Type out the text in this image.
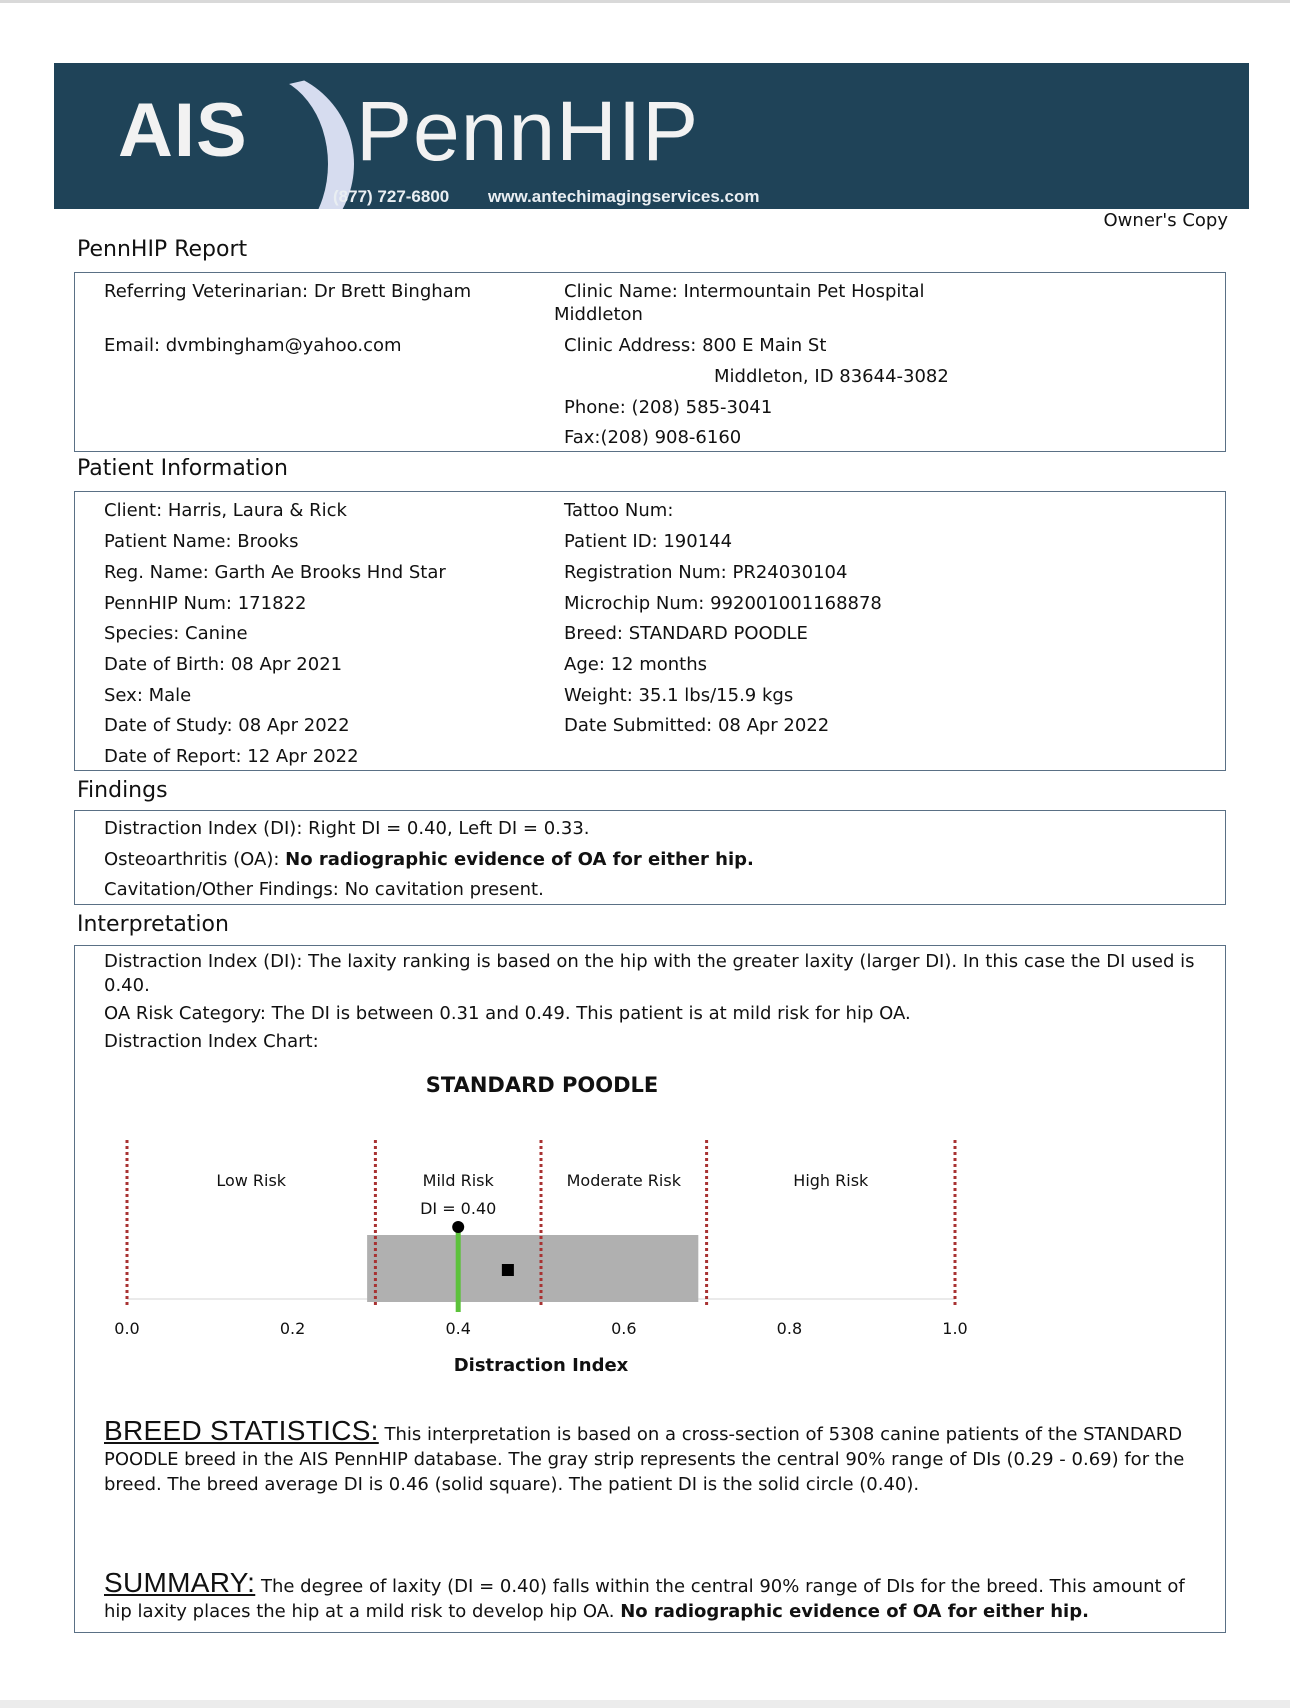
AIS PennHIP
(877) 727-6800 www.antechimagingservices.com
Owner's Copy
PennHIP Report
Referring Veterinarian: Dr Brett Bingham
Email: dvmbingham@yahoo.com
Clinic Name: Intermountain Pet Hospital
Middleton
Clinic Address: 800 E Main St
Middleton, ID 83644-3082
Phone: (208) 585-3041
Fax:(208) 908-6160
Patient Information
Client: Harris, Laura & Rick
Patient Name: Brooks
Reg. Name: Garth Ae Brooks Hnd Star
PennHIP Num: 171822
Species: Canine
Date of Birth: 08 Apr 2021
Sex: Male
Date of Study: 08 Apr 2022
Date of Report: 12 Apr 2022
Tattoo Num:
Patient ID: 190144
Registration Num: PR24030104
Microchip Num: 992001001168878
Breed: STANDARD POODLE
Age: 12 months
Weight: 35.1 lbs/15.9 kgs
Date Submitted: 08 Apr 2022
Findings
Distraction Index (DI): Right DI = 0.40, Left DI = 0.33.
Osteoarthritis (OA): No radiographic evidence of OA for either hip.
Cavitation/Other Findings: No cavitation present.
Interpretation
Distraction Index (DI): The laxity ranking is based on the hip with the greater laxity (larger DI). In this case the DI used is 0.40.
OA Risk Category: The DI is between 0.31 and 0.49. This patient is at mild risk for hip OA.
Distraction Index Chart:
STANDARD POODLE
Distraction Index
Low Risk	Mild Risk	Moderate Risk	High Risk
DI = 0.40
0.0	0.2	0.4	0.6	0.8	1.0
BREED STATISTICS: This interpretation is based on a cross-section of 5308 canine patients of the STANDARD POODLE breed in the AIS PennHIP database. The gray strip represents the central 90% range of DIs (0.29 - 0.69) for the breed. The breed average DI is 0.46 (solid square). The patient DI is the solid circle (0.40).
SUMMARY: The degree of laxity (DI = 0.40) falls within the central 90% range of DIs for the breed. This amount of hip laxity places the hip at a mild risk to develop hip OA. No radiographic evidence of OA for either hip.
